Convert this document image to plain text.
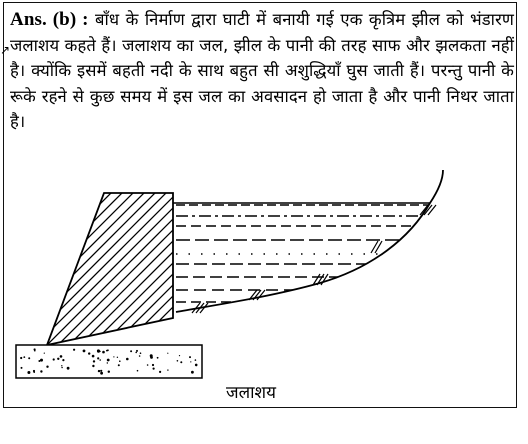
↗
Ans. (b) : बाँध के निर्माण द्वारा घाटी में बनायी गई एक कृत्रिम झील को भंडारण जलाशय कहते हैं। जलाशय का जल, झील के पानी की तरह साफ और झलकता नहीं है। क्योंकि इसमें बहती नदी के साथ बहुत सी अशुद्धियाँ घुस जाती हैं। परन्तु पानी के रूके रहने से कुछ समय में इस जल का अवसादन हो जाता है और पानी निथर जाता है।
जलाशय
